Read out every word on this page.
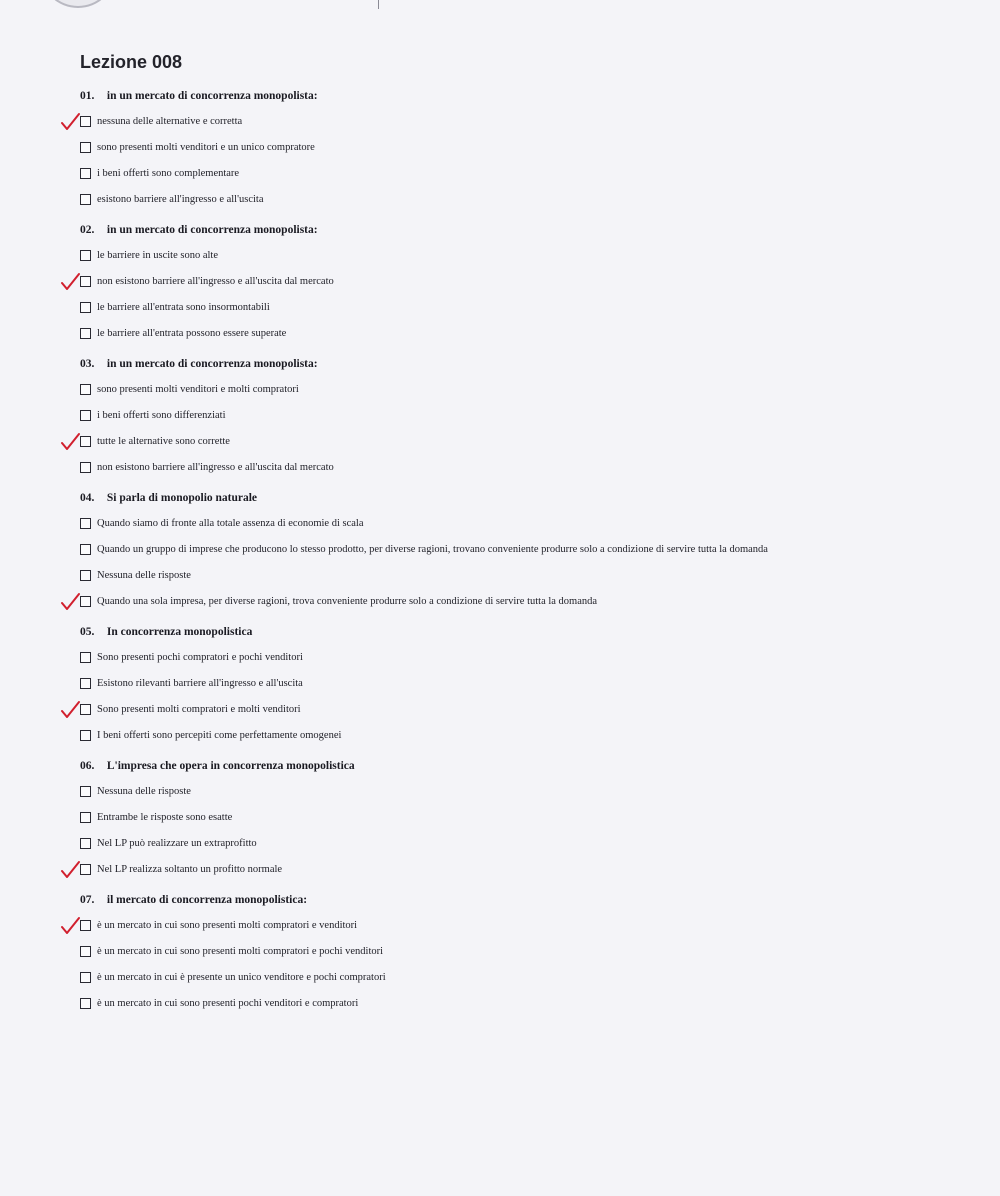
Lezione 008
01. in un mercato di concorrenza monopolista:
nessuna delle alternative e corretta
sono presenti molti venditori e un unico compratore
i beni offerti sono complementare
esistono barriere all'ingresso e all'uscita
02. in un mercato di concorrenza monopolista:
le barriere in uscite sono alte
non esistono barriere all'ingresso e all'uscita dal mercato
le barriere all'entrata sono insormontabili
le barriere all'entrata possono essere superate
03. in un mercato di concorrenza monopolista:
sono presenti molti venditori e molti compratori
i beni offerti sono differenziati
tutte le alternative sono corrette
non esistono barriere all'ingresso e all'uscita dal mercato
04. Si parla di monopolio naturale
Quando siamo di fronte alla totale assenza di economie di scala
Quando un gruppo di imprese che producono lo stesso prodotto, per diverse ragioni, trovano conveniente produrre solo a condizione di servire tutta la domanda
Nessuna delle risposte
Quando una sola impresa, per diverse ragioni, trova conveniente produrre solo a condizione di servire tutta la domanda
05. In concorrenza monopolistica
Sono presenti pochi compratori e pochi venditori
Esistono rilevanti barriere all'ingresso e all'uscita
Sono presenti molti compratori e molti venditori
I beni offerti sono percepiti come perfettamente omogenei
06. L'impresa che opera in concorrenza monopolistica
Nessuna delle risposte
Entrambe le risposte sono esatte
Nel LP può realizzare un extraprofitto
Nel LP realizza soltanto un profitto normale
07. il mercato di concorrenza monopolistica:
è un mercato in cui sono presenti molti compratori e venditori
è un mercato in cui sono presenti molti compratori e pochi venditori
è un mercato in cui è presente un unico venditore e pochi compratori
è un mercato in cui sono presenti pochi venditori e compratori
